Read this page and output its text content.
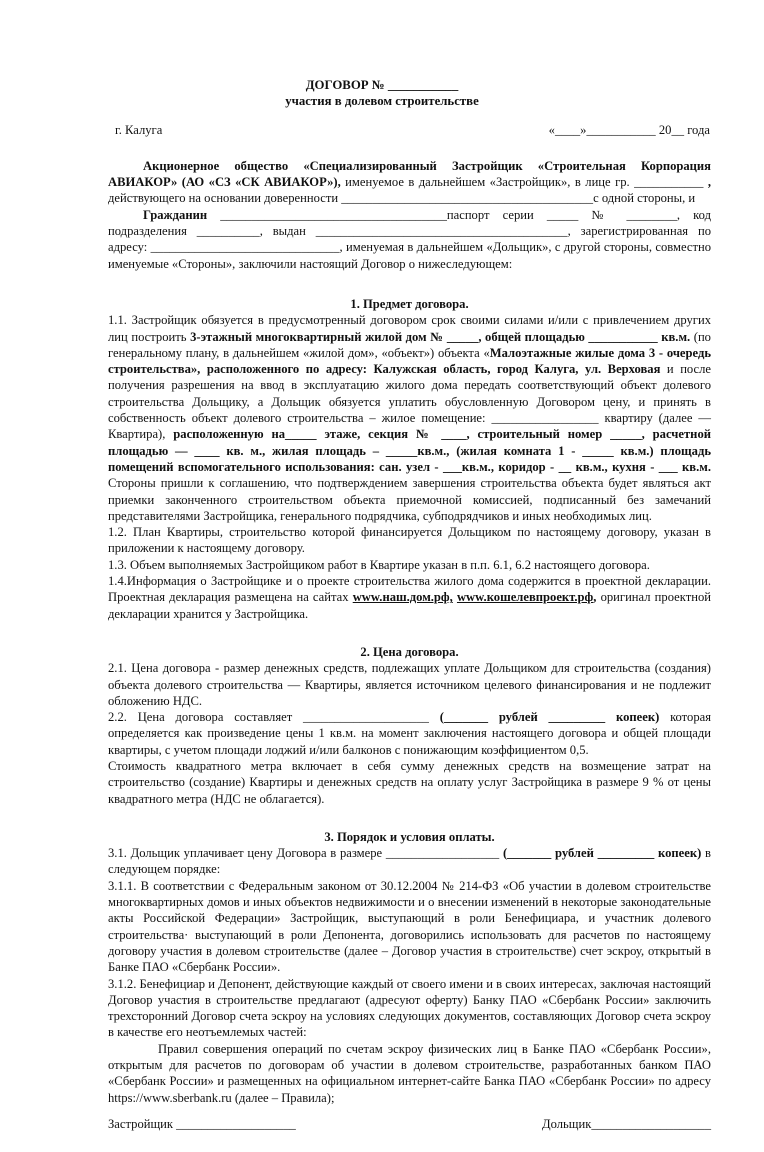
ДОГОВОР № ___________
участия в долевом строительстве
г. Калуга	«____»___________ 20__ года

Акционерное общество «Специализированный Застройщик «Строительная Корпорация АВИАКОР» (АО «СЗ «СК АВИАКОР»), именуемое в дальнейшем «Застройщик», в лице гр. ___________ , действующего на основании доверенности ________________________________________с одной стороны, и

Гражданин ____________________________________паспорт серии _____ № ________, код подразделения __________, выдан ________________________________________, зарегистрированная по адресу: ______________________________, именуемая в дальнейшем «Дольщик», с другой стороны, совместно именуемые «Стороны», заключили настоящий Договор о нижеследующем:

1. Предмет договора.

1.1. Застройщик обязуется в предусмотренный договором срок своими силами и/или с привлечением других лиц построить 3-этажный многоквартирный жилой дом № _____, общей площадью ___________ кв.м. (по генеральному плану, в дальнейшем «жилой дом», «объект») объекта «Малоэтажные жилые дома 3 - очередь строительства», расположенного по адресу: Калужская область, город Калуга, ул. Верховая и после получения разрешения на ввод в эксплуатацию жилого дома передать соответствующий объект долевого строительства Дольщику, а Дольщик обязуется уплатить обусловленную Договором цену, и принять в собственность объект долевого строительства – жилое помещение: _________________ квартиру (далее — Квартира), расположенную на_____ этаже, секция № ____, строительный номер _____, расчетной площадью — ____ кв. м., жилая площадь – _____кв.м., (жилая комната 1 - _____ кв.м.) площадь помещений вспомогательного использования: сан. узел - ___кв.м., коридор - __ кв.м., кухня - ___ кв.м. Стороны пришли к соглашению, что подтверждением завершения строительства объекта будет являться акт приемки законченного строительством объекта приемочной комиссией, подписанный без замечаний представителями Застройщика, генерального подрядчика, субподрядчиков и иных необходимых лиц.

1.2. План Квартиры, строительство которой финансируется Дольщиком по настоящему договору, указан в приложении к настоящему договору.

1.3. Объем выполняемых Застройщиком работ в Квартире указан в п.п. 6.1, 6.2 настоящего договора.

1.4.Информация о Застройщике и о проекте строительства жилого дома содержится в проектной декларации. Проектная декларация размещена на сайтах www.наш.дом.рф, www.кошелевпроект.рф, оригинал проектной декларации хранится у Застройщика.

2. Цена договора.

2.1. Цена договора - размер денежных средств, подлежащих уплате Дольщиком для строительства (создания) объекта долевого строительства — Квартиры, является источником целевого финансирования и не подлежит обложению НДС.

2.2. Цена договора составляет ____________________ (_______ рублей _________ копеек) которая определяется как произведение цены 1 кв.м. на момент заключения настоящего договора и общей площади квартиры, с учетом площади лоджий и/или балконов с понижающим коэффициентом 0,5.

Стоимость квадратного метра включает в себя сумму денежных средств на возмещение затрат на строительство (создание) Квартиры и денежных средств на оплату услуг Застройщика в размере 9 % от цены квадратного метра (НДС не облагается).

3. Порядок и условия оплаты.

3.1. Дольщик уплачивает цену Договора в размере __________________ (_______ рублей _________ копеек) в следующем порядке:

3.1.1. В соответствии с Федеральным законом от 30.12.2004 № 214-ФЗ «Об участии в долевом строительстве многоквартирных домов и иных объектов недвижимости и о внесении изменений в некоторые законодательные акты Российской Федерации» Застройщик, выступающий в роли Бенефициара, и участник долевого строительства· выступающий в роли Депонента, договорились использовать для расчетов по настоящему договору участия в долевом строительстве (далее – Договор участия в строительстве) счет эскроу, открытый в Банке ПАО «Сбербанк России».

3.1.2. Бенефициар и Депонент, действующие каждый от своего имени и в своих интересах, заключая настоящий Договор участия в строительстве предлагают (адресуют оферту) Банку ПАО «Сбербанк России» заключить трехсторонний Договор счета эскроу на условиях следующих документов, составляющих Договор счета эскроу в качестве его неотъемлемых частей:

Правил совершения операций по счетам эскроу физических лиц в Банке ПАО «Сбербанк России», открытым для расчетов по договорам об участии в долевом строительстве, разработанных банком ПАО «Сбербанк России» и размещенных на официальном интернет-сайте Банка ПАО «Сбербанк России» по адресу https://www.sberbank.ru (далее – Правила);

Застройщик ___________________	Дольщик___________________
